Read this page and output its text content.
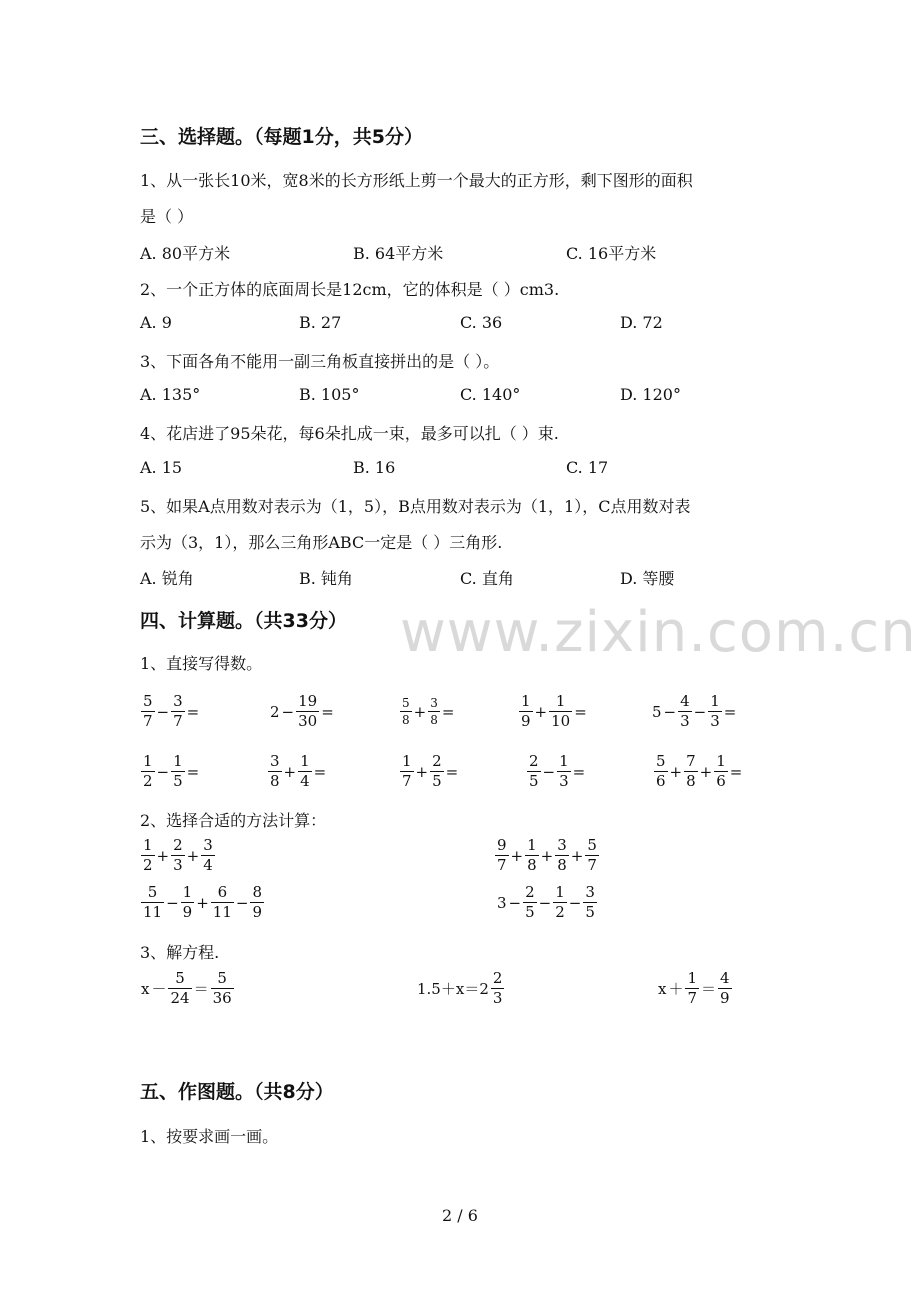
www.zixin.com.cn
三、选择题。（每题1分，共5分）
1、从一张长10米，宽8米的长方形纸上剪一个最大的正方形，剩下图形的面积
是（ ）
A. 80平方米	B. 64平方米	C. 16平方米
2、一个正方体的底面周长是12cm，它的体积是（ ）cm3.
A. 9	B. 27	C. 36	D. 72
3、下面各角不能用一副三角板直接拼出的是（ ）。
A. 135°	B. 105°	C. 140°	D. 120°
4、花店进了95朵花，每6朵扎成一束，最多可以扎（ ）束.
A. 15	B. 16	C. 17
5、如果A点用数对表示为（1，5），B点用数对表示为（1，1），C点用数对表
示为（3，1），那么三角形ABC一定是（ ）三角形.
A. 锐角	B. 钝角	C. 直角	D. 等腰
四、计算题。（共33分）
1、直接写得数。
$\frac{5}{7} - \frac{3}{7}$ =	$2 - \frac{19}{30}$ =	$\frac{5}{8} + \frac{3}{8}$ =	$\frac{1}{9} + \frac{1}{10}$ =	$5 - \frac{4}{3} - \frac{1}{3}$ =
$\frac{1}{2} - \frac{1}{5}$ =	$\frac{3}{8} + \frac{1}{4}$ =	$\frac{1}{7} + \frac{2}{5}$ =	$\frac{2}{5} - \frac{1}{3}$ =	$\frac{5}{6} + \frac{7}{8} + \frac{1}{6}$ =
2、选择合适的方法计算：
$\frac{1}{2} + \frac{2}{3} + \frac{3}{4}$	$\frac{9}{7} + \frac{1}{8} + \frac{3}{8} + \frac{5}{7}$
$\frac{5}{11} - \frac{1}{9} + \frac{6}{11} - \frac{8}{9}$	$3 - \frac{2}{5} - \frac{1}{2} - \frac{3}{5}$
3、解方程.
$x - \frac{5}{24} = \frac{5}{36}$	$1.5+x=2 \frac{2}{3}$	$x + \frac{1}{7} = \frac{4}{9}$
五、作图题。（共8分）
1、按要求画一画。
2 / 6
